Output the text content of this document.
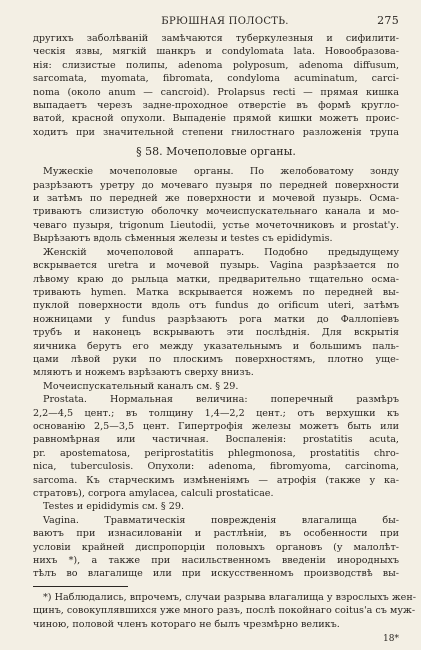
БРЮШНАЯ ПОЛОСТЬ.	275

другихъ заболѣванiй замѣчаются туберкулезныя и сифилити-
ческiя язвы, мягкiй шанкръ и condylomata lata. Новообразова-
нiя: слизистые полипы, adenoma polyposum, adenoma diffusum,
sarcomata, myomata, fibromata, condyloma acuminatum, carci-
noma (около anum — cancroid). Prolapsus recti — прямая кишка
выпадаетъ черезъ задне-проходное отверстiе въ формѣ кругло-
ватой, красной опухоли. Выпаденiе прямой кишки можетъ проис-
ходитъ при значительной степени гнилостнаго разложенiя трупа

§ 58. Мочеполовые органы.

Мужескiе мочеполовые органы. По желобоватому зонду
разрѣзаютъ уретру до мочеваго пузыря по передней поверхности
и затѣмъ по передней же поверхности и мочевой пузырь. Осма-
триваютъ слизистую оболочку мочеиспускательнаго канала и мо-
чеваго пузыря, trigonum Lieutodii, устье мочеточниковъ и prostat'у.
Вырѣзаютъ вдоль сѣменныя железы и testes съ epididymis.

Женскiй мочеполовой аппаратъ. Подобно предыдущему
вскрывается uretra и мочевой пузырь. Vagina разрѣзается по
лѣвому краю до рыльца матки, предварительно тщательно осма-
тривають hymen. Матка вскрывается ножемъ по передней вы-
пуклой поверхности вдоль отъ fundus до orificum uteri, затѣмъ
ножницами у fundus разрѣзаютъ рога матки до Фаллопiевъ
трубъ и наконецъ вскрываютъ эти послѣднiя. Для вскрытiя
яичника берутъ его между указательнымъ и большимъ паль-
цами лѣвой руки по плоскимъ поверхностямъ, плотно уще-
мляютъ и ножемъ взрѣзаютъ сверху внизъ.

Мочеиспускательный каналъ см. § 29.

Prostata. Нормальная величина: поперечный размѣръ
2,2—4,5 цент.; въ толщину 1,4—2,2 цент.; отъ верхушки къ
основанiю 2,5—3,5 цент. Гипертрофiя железы можетъ быть или
равномѣрная или частичная. Воспаленiя: prostatitis acuta,
pr. apostematosa, periprostatitis phlegmonosa, prostatitis chro-
nica, tuberculosis. Опухоли: adenoma, fibromyoma, carcinoma,
sarcoma. Къ старческимъ измѣненiямъ — атрофiя (также у ка-
стратовъ), corpora amylacea, calculi prostaticae.

Testes и epididymis см. § 29.

Vagina. Травматическiя поврежденiя влагалища бы-
ваютъ при изнасилованiи и растлѣнiи, въ особенности при
условiи крайней диспропорцiи половыхъ органовъ (у малолѣт-
нихъ *), а также при насильственномъ введенiи инородныхъ
тѣлъ во влагалище или при искусственномъ производствѣ вы-

*) Наблюдались, впрочемъ, случаи разрыва влагалища у взрослыхъ жен-
щинъ, совокуплявшихся уже много разъ, послѣ покойнаго coitus'а съ муж-
чиною, половой членъ котораго не былъ чрезмѣрно великъ.

18*
